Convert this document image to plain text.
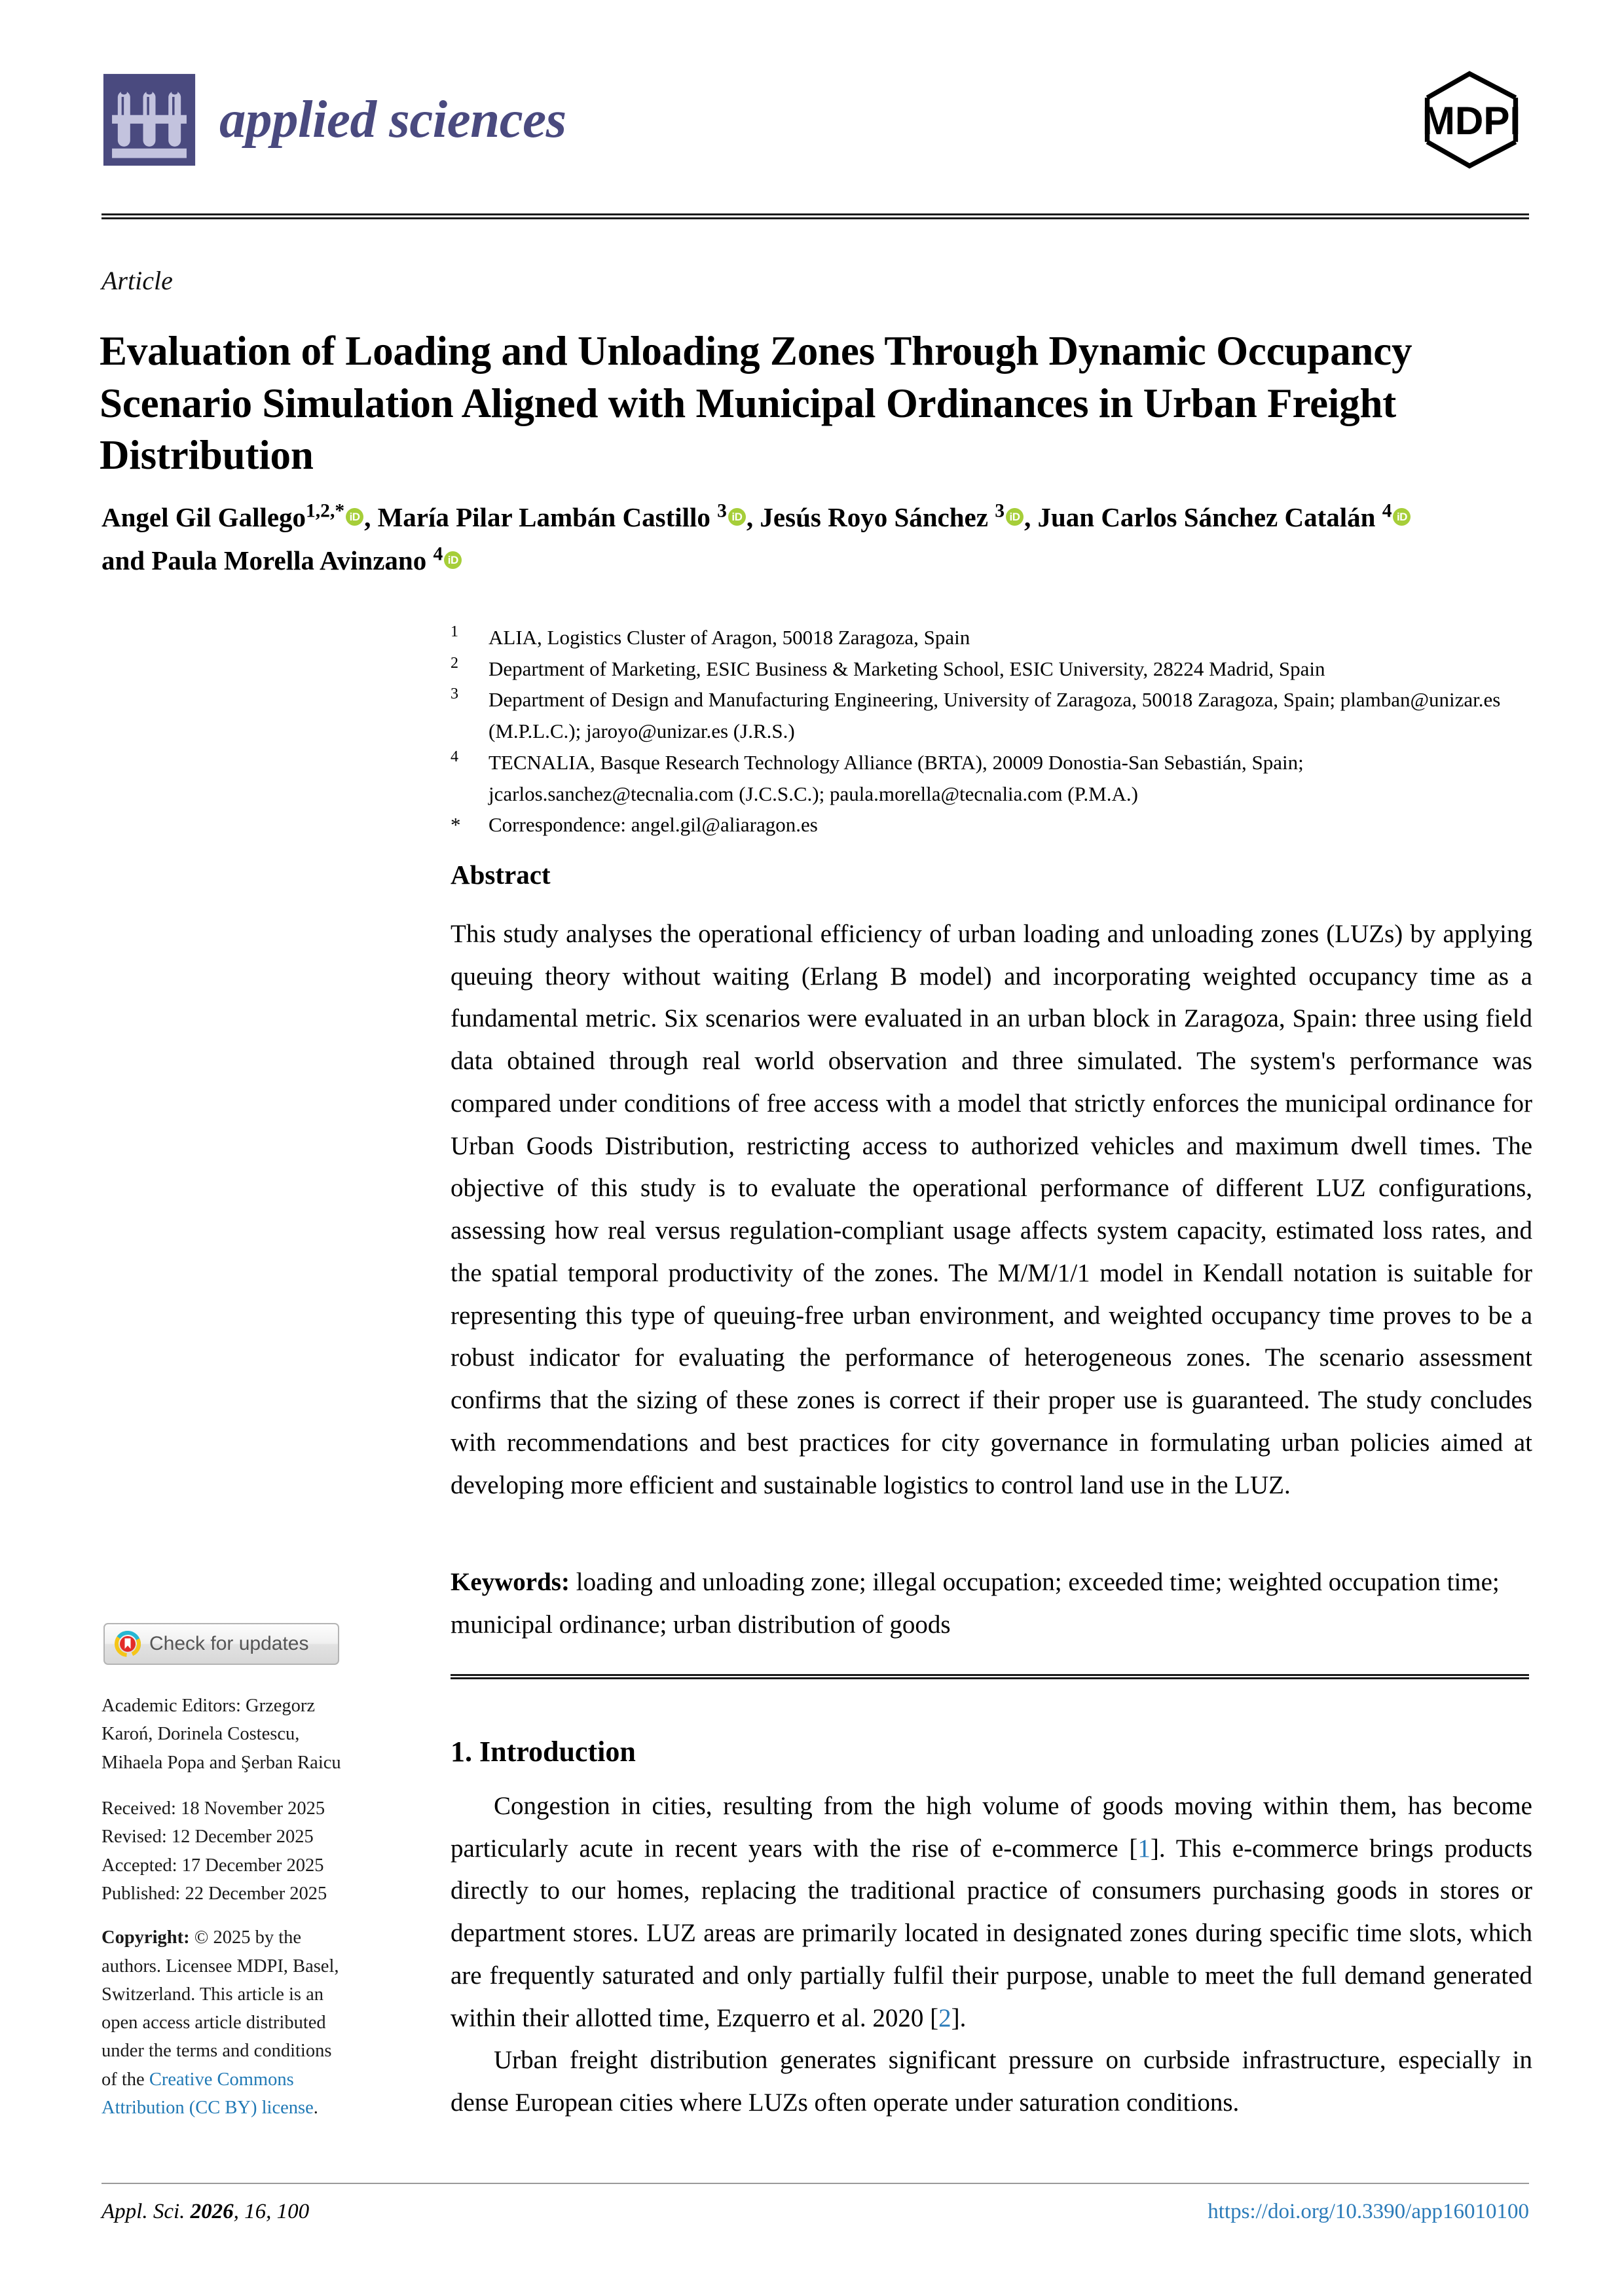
applied sciences	MDPI
Article
Evaluation of Loading and Unloading Zones Through Dynamic Occupancy Scenario Simulation Aligned with Municipal Ordinances in Urban Freight Distribution
Angel Gil Gallego$^{1,2,*}$ iD , María Pilar Lambán Castillo $^3$ iD , Jesús Royo Sánchez $^3$ iD , Juan Carlos Sánchez Catalán $^4$ iD
and Paula Morella Avinzano $^4$ iD
1	ALIA, Logistics Cluster of Aragon, 50018 Zaragoza, Spain
2	Department of Marketing, ESIC Business & Marketing School, ESIC University, 28224 Madrid, Spain
3	Department of Design and Manufacturing Engineering, University of Zaragoza, 50018 Zaragoza, Spain; plamban@unizar.es (M.P.L.C.); jaroyo@unizar.es (J.R.S.)
4	TECNALIA, Basque Research Technology Alliance (BRTA), 20009 Donostia-San Sebastián, Spain; jcarlos.sanchez@tecnalia.com (J.C.S.C.); paula.morella@tecnalia.com (P.M.A.)
*	Correspondence: angel.gil@aliaragon.es
Abstract
This study analyses the operational efficiency of urban loading and unloading zones (LUZs) by applying queuing theory without waiting (Erlang B model) and incorporating weighted occupancy time as a fundamental metric. Six scenarios were evaluated in an urban block in Zaragoza, Spain: three using field data obtained through real world observation and three simulated. The system's performance was compared under conditions of free access with a model that strictly enforces the municipal ordinance for Urban Goods Distribution, restricting access to authorized vehicles and maximum dwell times. The objective of this study is to evaluate the operational performance of different LUZ configurations, assessing how real versus regulation-compliant usage affects system capacity, estimated loss rates, and the spatial temporal productivity of the zones. The M/M/1/1 model in Kendall notation is suitable for representing this type of queuing-free urban environment, and weighted occupancy time proves to be a robust indicator for evaluating the performance of heterogeneous zones. The scenario assessment confirms that the sizing of these zones is correct if their proper use is guaranteed. The study concludes with recommendations and best practices for city governance in formulating urban policies aimed at developing more efficient and sustainable logistics to control land use in the LUZ.
Keywords: loading and unloading zone; illegal occupation; exceeded time; weighted occupation time; municipal ordinance; urban distribution of goods
1. Introduction

Congestion in cities, resulting from the high volume of goods moving within them, has become particularly acute in recent years with the rise of e-commerce [1]. This e-commerce brings products directly to our homes, replacing the traditional practice of consumers purchasing goods in stores or department stores. LUZ areas are primarily located in designated zones during specific time slots, which are frequently saturated and only partially fulfil their purpose, unable to meet the full demand generated within their allotted time, Ezquerro et al. 2020 [2].

Urban freight distribution generates significant pressure on curbside infrastructure, especially in dense European cities where LUZs often operate under saturation conditions.

Check for updates
Academic Editors: Grzegorz Karoń, Dorinela Costescu, Mihaela Popa and Şerban Raicu
Received: 18 November 2025
Revised: 12 December 2025
Accepted: 17 December 2025
Published: 22 December 2025
Copyright: © 2025 by the authors. Licensee MDPI, Basel, Switzerland. This article is an open access article distributed under the terms and conditions of the Creative Commons Attribution (CC BY) license.
Appl. Sci. 2026, 16, 100	https://doi.org/10.3390/app16010100
